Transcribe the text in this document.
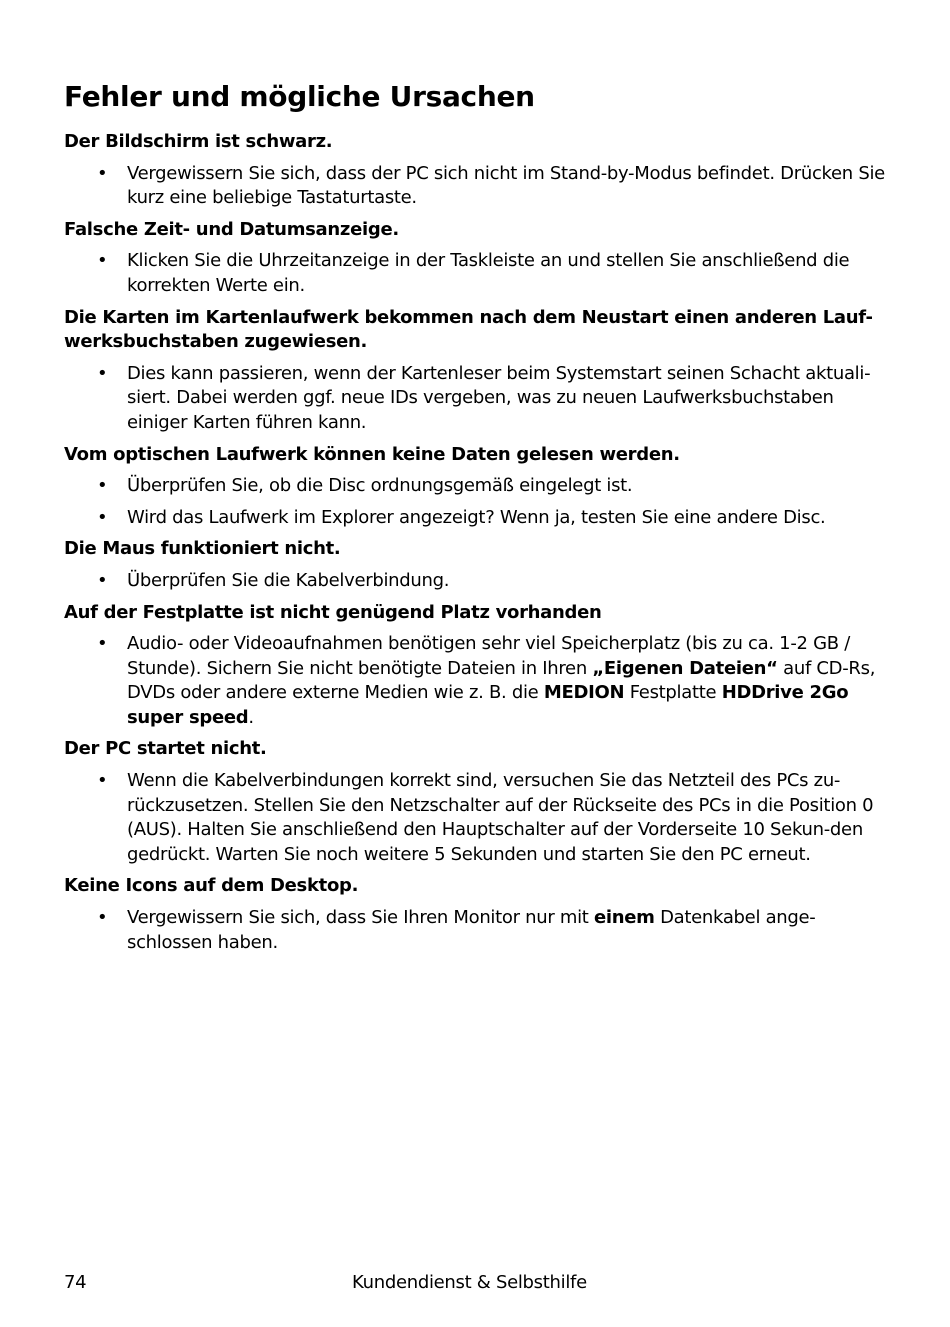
Fehler und mögliche Ursachen

Der Bildschirm ist schwarz.

• Vergewissern Sie sich, dass der PC sich nicht im Stand-by-Modus befindet. Drücken Sie kurz eine beliebige Tastaturtaste.

Falsche Zeit- und Datumsanzeige.

• Klicken Sie die Uhrzeitanzeige in der Taskleiste an und stellen Sie anschließend die korrekten Werte ein.

Die Karten im Kartenlaufwerk bekommen nach dem Neustart einen anderen Lauf-werksbuchstaben zugewiesen.

• Dies kann passieren, wenn der Kartenleser beim Systemstart seinen Schacht aktuali-siert. Dabei werden ggf. neue IDs vergeben, was zu neuen Laufwerksbuchstaben einiger Karten führen kann.

Vom optischen Laufwerk können keine Daten gelesen werden.

• Überprüfen Sie, ob die Disc ordnungsgemäß eingelegt ist.
• Wird das Laufwerk im Explorer angezeigt? Wenn ja, testen Sie eine andere Disc.

Die Maus funktioniert nicht.

• Überprüfen Sie die Kabelverbindung.

Auf der Festplatte ist nicht genügend Platz vorhanden

• Audio- oder Videoaufnahmen benötigen sehr viel Speicherplatz (bis zu ca. 1-2 GB / Stunde). Sichern Sie nicht benötigte Dateien in Ihren „Eigenen Dateien“ auf CD-Rs, DVDs oder andere externe Medien wie z. B. die MEDION Festplatte HDDrive 2Go super speed.

Der PC startet nicht.

• Wenn die Kabelverbindungen korrekt sind, versuchen Sie das Netzteil des PCs zu-rückzusetzen. Stellen Sie den Netzschalter auf der Rückseite des PCs in die Position 0 (AUS). Halten Sie anschließend den Hauptschalter auf der Vorderseite 10 Sekun-den gedrückt. Warten Sie noch weitere 5 Sekunden und starten Sie den PC erneut.

Keine Icons auf dem Desktop.

• Vergewissern Sie sich, dass Sie Ihren Monitor nur mit einem Datenkabel ange-schlossen haben.
74	Kundendienst & Selbsthilfe
